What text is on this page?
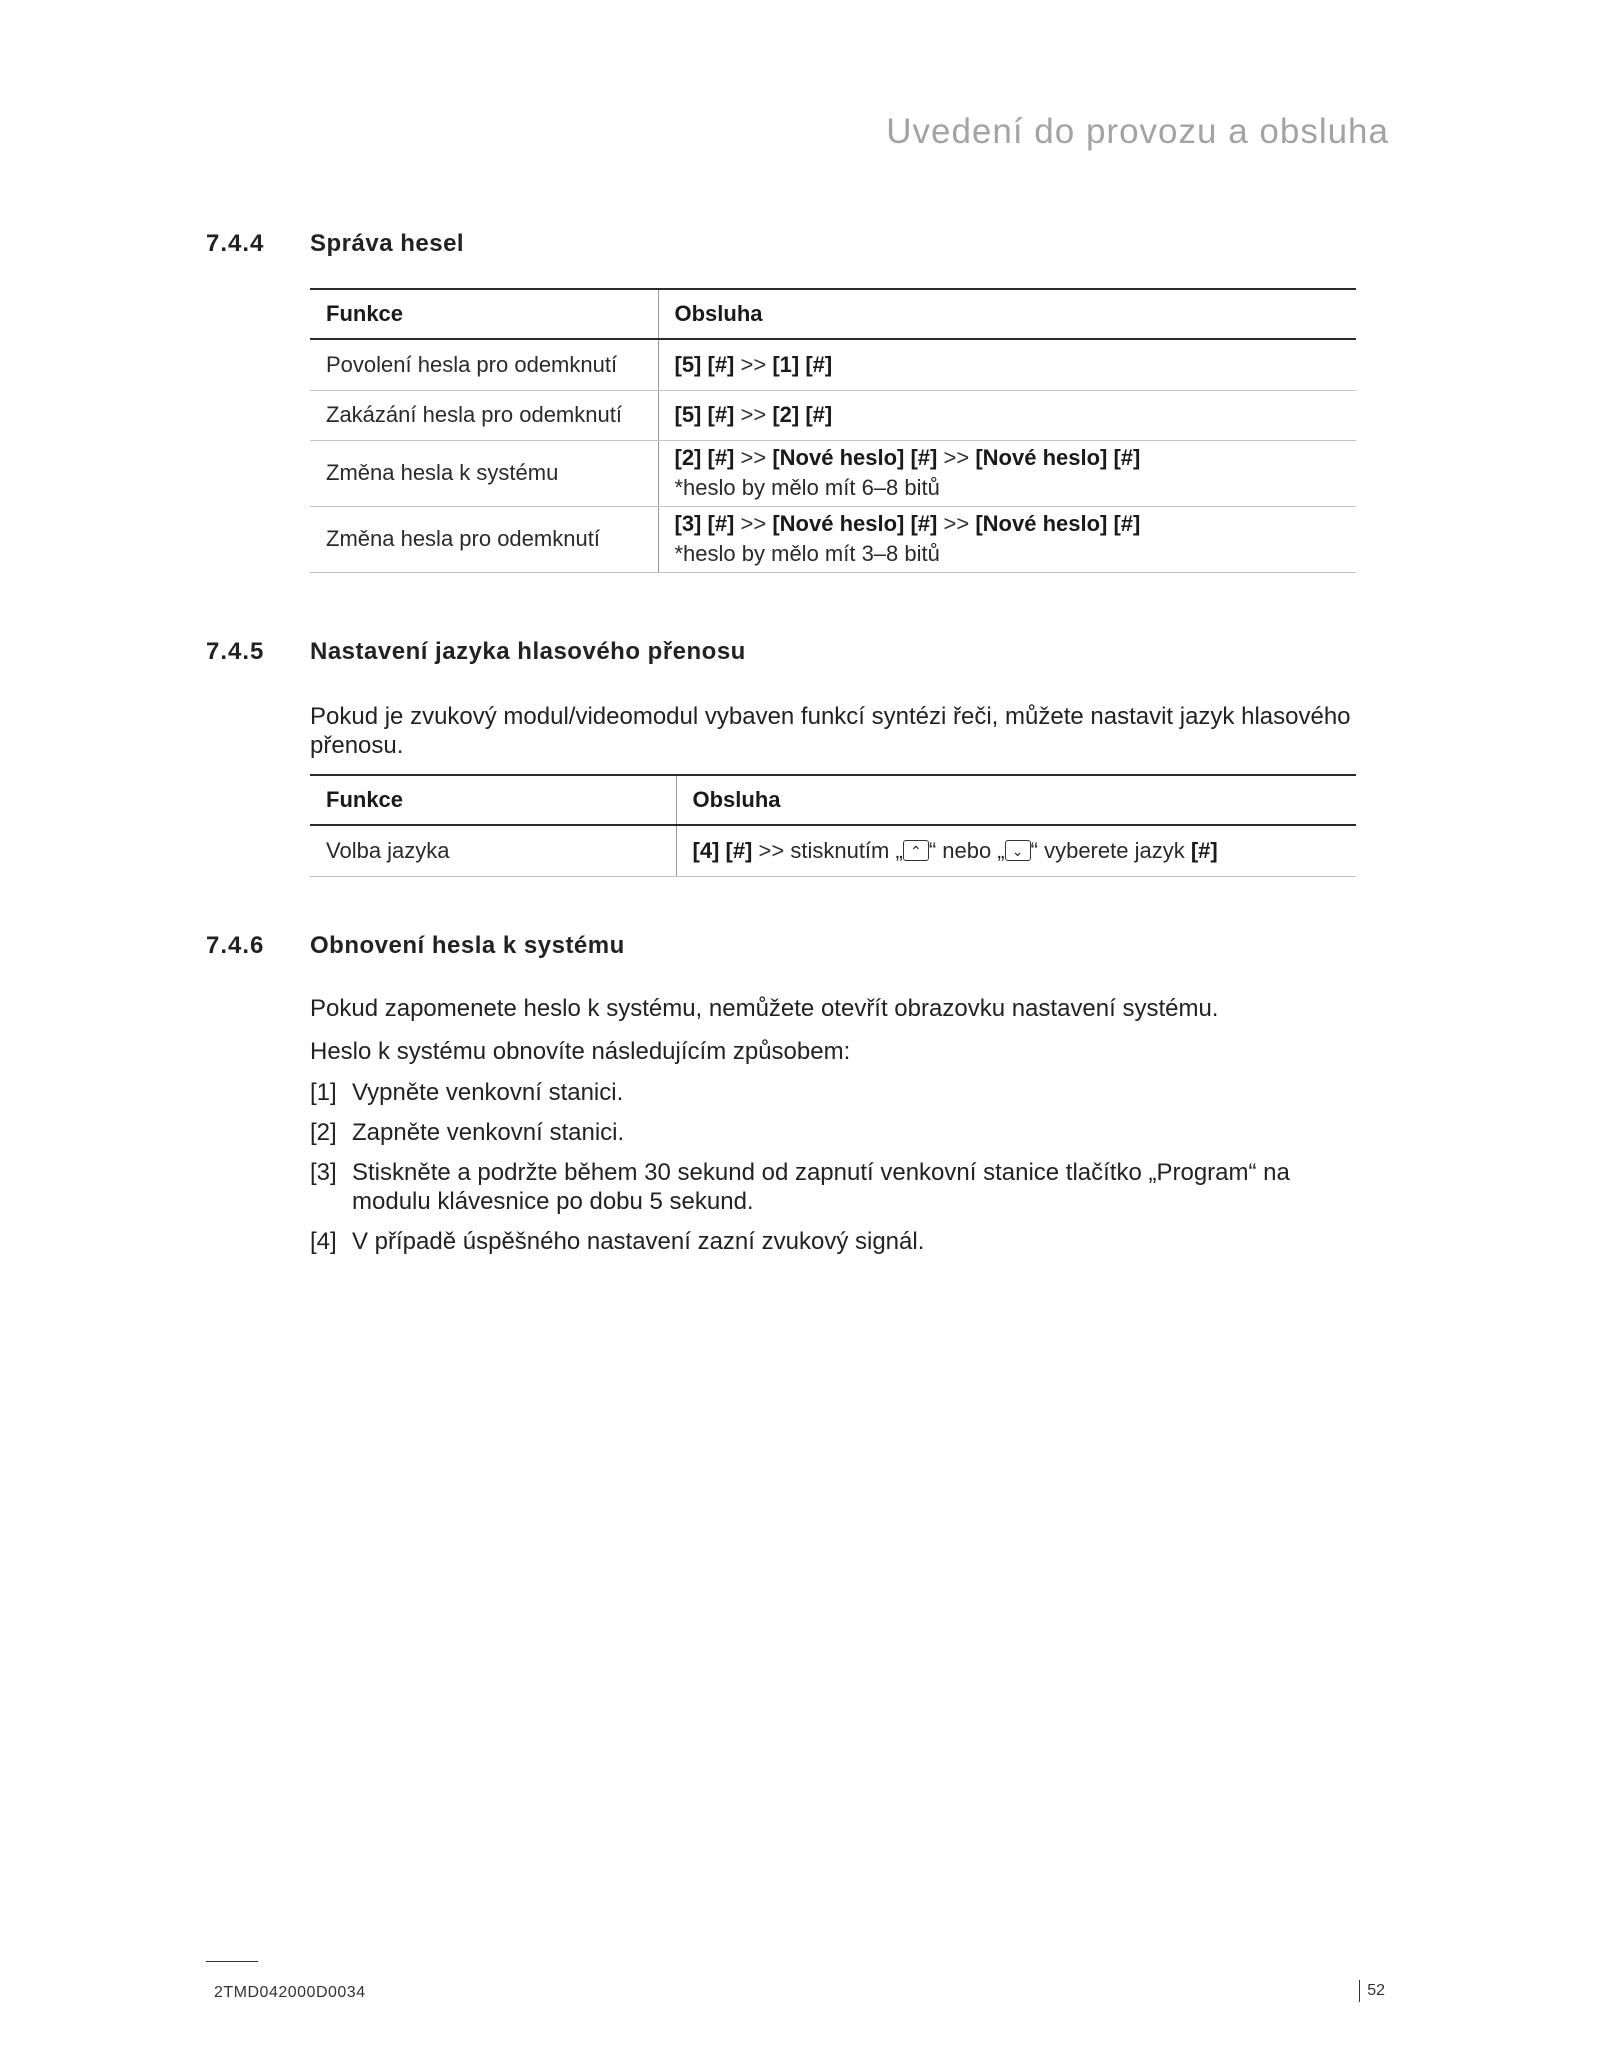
Uvedení do provozu a obsluha
7.4.4 Správa hesel
Funkce	Obsluha
Povolení hesla pro odemknutí	[5] [#] >> [1] [#]
Zakázání hesla pro odemknutí	[5] [#] >> [2] [#]
Změna hesla k systému	[2] [#] >> [Nové heslo] [#] >> [Nové heslo] [#]
*heslo by mělo mít 6–8 bitů
Změna hesla pro odemknutí	[3] [#] >> [Nové heslo] [#] >> [Nové heslo] [#]
*heslo by mělo mít 3–8 bitů
7.4.5 Nastavení jazyka hlasového přenosu
Pokud je zvukový modul/videomodul vybaven funkcí syntézi řeči, můžete nastavit jazyk hlasového přenosu.
Funkce	Obsluha
Volba jazyka	[4] [#] >> stisknutím „ ⌃ “ nebo „ ⌄ “ vyberete jazyk [#]
7.4.6 Obnovení hesla k systému
Pokud zapomenete heslo k systému, nemůžete otevřít obrazovku nastavení systému.
Heslo k systému obnovíte následujícím způsobem:
[1] Vypněte venkovní stanici.
[2] Zapněte venkovní stanici.
[3] Stiskněte a podržte během 30 sekund od zapnutí venkovní stanice tlačítko „Program“ na modulu klávesnice po dobu 5 sekund.
[4] V případě úspěšného nastavení zazní zvukový signál.
2TMD042000D0034	52
